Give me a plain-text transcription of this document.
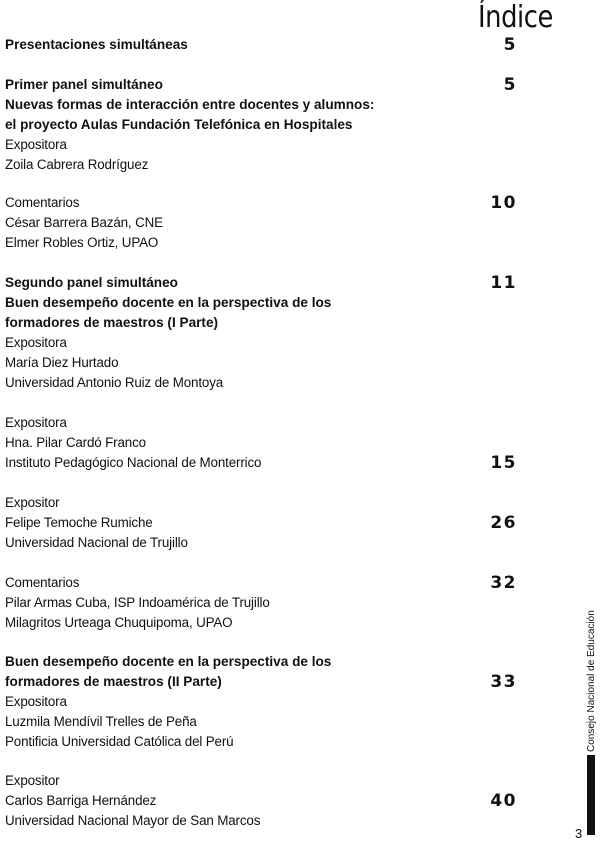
Índice
Presentaciones simultáneas	5
Primer panel simultáneo	5
Nuevas formas de interacción entre docentes y alumnos:
el proyecto Aulas Fundación Telefónica en Hospitales
Expositora
Zoila Cabrera Rodríguez
Comentarios	10
César Barrera Bazán, CNE
Elmer Robles Ortiz, UPAO
Segundo panel simultáneo	11
Buen desempeño docente en la perspectiva de los
formadores de maestros (I Parte)
Expositora
María Diez Hurtado
Universidad Antonio Ruiz de Montoya
Expositora
Hna. Pilar Cardó Franco
Instituto Pedagógico Nacional de Monterrico	15
Expositor
Felipe Temoche Rumiche	26
Universidad Nacional de Trujillo
Comentarios	32
Pilar Armas Cuba, ISP Indoamérica de Trujillo
Milagritos Urteaga Chuquipoma, UPAO
Buen desempeño docente en la perspectiva de los
formadores de maestros (II Parte)	33
Expositora
Luzmila Mendívil Trelles de Peña
Pontificia Universidad Católica del Perú
Expositor
Carlos Barriga Hernández	40
Universidad Nacional Mayor de San Marcos
Consejo Nacional de Educación
3
